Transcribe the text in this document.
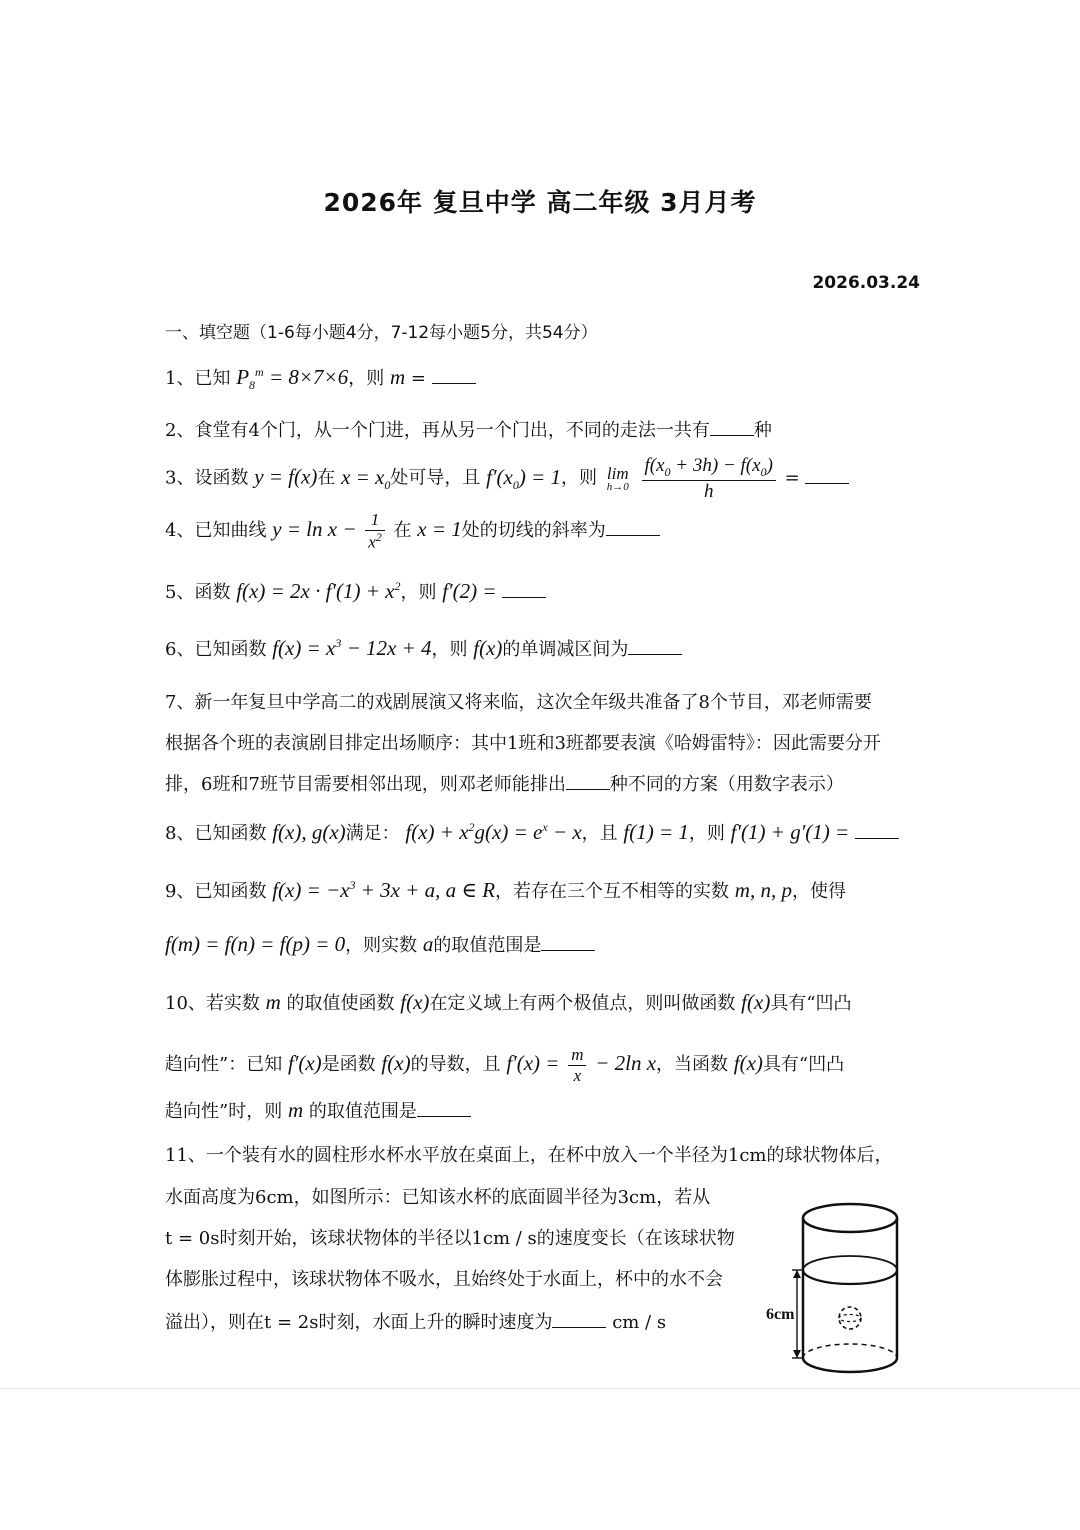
2026年 复旦中学 高二年级 3月月考
2026.03.24
一、填空题（1-6每小题4分，7-12每小题5分，共54分）
1、已知 $P_8^m = 8\times 7\times 6$，则 m =
2、食堂有4个门，从一个门进，再从另一个门出，不同的走法一共有 种
3、设函数 y = f(x)在 $x = x_0$处可导，且 $f'(x_0) = 1$，则 lim
h→0
$\frac{f(x_0 + 3h) - f(x_0)}{h}$ =
4、已知曲线 $y = \ln x - \frac{1}{x^2}$ 在 x = 1处的切线的斜率为
5、函数 $f(x) = 2x \cdot f'(1) + x^2$，则 f′(2) =
6、已知函数 $f(x) = x^3 - 12x + 4$，则 f(x)的单调减区间为
7、新一年复旦中学高二的戏剧展演又将来临，这次全年级共准备了8个节目，邓老师需要
根据各个班的表演剧目排定出场顺序：其中1班和3班都要表演《哈姆雷特》：因此需要分开
排，6班和7班节目需要相邻出现，则邓老师能排出 种不同的方案（用数字表示）
8、已知函数 f(x), g(x)满足： $f(x) + x^2g(x) = e^x - x$，且 f(1) = 1，则 f′(1) + g′(1) =
9、已知函数 $f(x) = -x^3 + 3x + a$, a ∈ R，若存在三个互不相等的实数 m, n, p，使得
f(m) = f(n) = f(p) = 0，则实数 a的取值范围是
10、若实数 m 的取值使函数 f(x)在定义域上有两个极值点，则叫做函数 f(x)具有“凹凸
趋向性”：已知 f′(x)是函数 f(x)的导数，且 $f'(x) = \frac{m}{x} - 2\ln$ x，当函数 f(x)具有“凹凸
趋向性”时，则 m 的取值范围是
11、一个装有水的圆柱形水杯水平放在桌面上，在杯中放入一个半径为1cm的球状物体后，
水面高度为6cm，如图所示：已知该水杯的底面圆半径为3cm，若从
t = 0s时刻开始，该球状物体的半径以1cm / s的速度变长（在该球状物
体膨胀过程中，该球状物体不吸水，且始终处于水面上，杯中的水不会
溢出），则在t = 2s时刻，水面上升的瞬时速度为	cm / s	6cm
